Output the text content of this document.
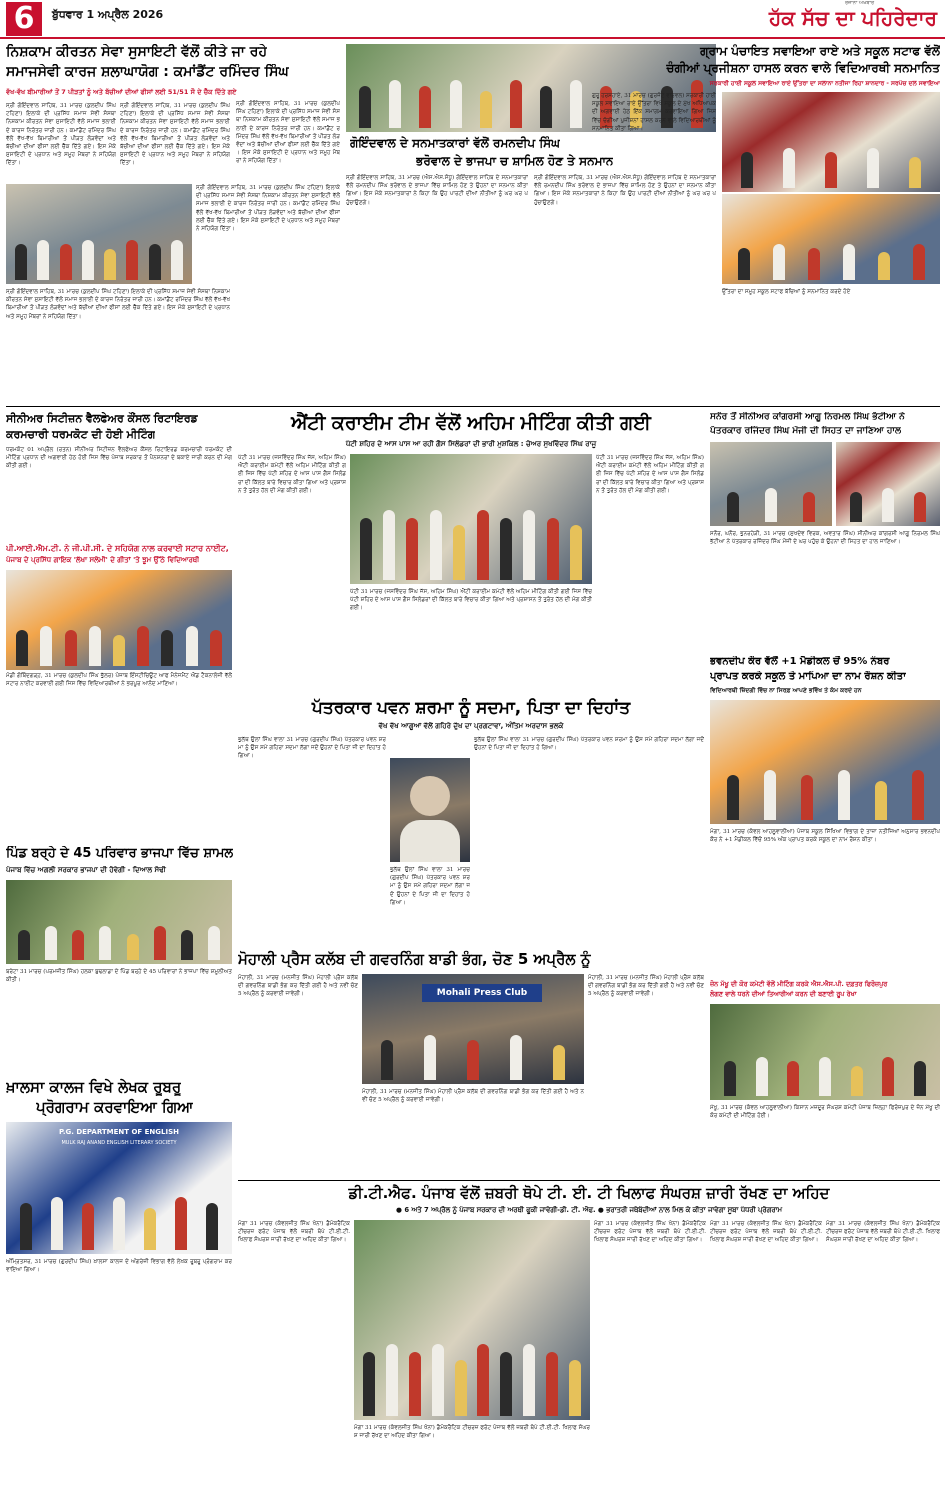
6	ਬੁੱਧਵਾਰ 1 ਅਪ੍ਰੈਲ 2026
ਰੋਜ਼ਾਨਾ ਅਖ਼ਬਾਰ
ਹੱਕ ਸੱਚ ਦਾ ਪਹਿਰੇਦਾਰ
ਨਿਸ਼ਕਾਮ ਕੀਰਤਨ ਸੇਵਾ ਸੁਸਾਇਟੀ ਵੱਲੋਂ ਕੀਤੇ ਜਾ ਰਹੇ
ਸਮਾਜਸੇਵੀ ਕਾਰਜ ਸ਼ਲਾਘਾਯੋਗ : ਕਮਾਂਡੈਂਟ ਰਮਿੰਦਰ ਸਿੰਘ
ਵੱਖ-ਵੱਖ ਬੀਮਾਰੀਆਂ ਤੋਂ 7 ਪੀੜਤਾਂ ਨੂੰ ਅਤੇ ਬੱਚੀਆਂ ਦੀਆਂ ਫੀਸਾਂ ਲਈ 51/51 ਸੌ ਦੇ ਚੈੱਕ ਦਿੱਤੇ ਗਏ
ਸ੍ਰੀ ਗੋਇੰਦਵਾਲ ਸਾਹਿਬ, 31 ਮਾਰਚ (ਕੁਲਦੀਪ ਸਿੰਘ ਟਹਿਣਾ) ਇਲਾਕੇ ਦੀ ਪ੍ਰਸਿੱਧ ਸਮਾਜ ਸੇਵੀ ਸੰਸਥਾ ਨਿਸ਼ਕਾਮ ਕੀਰਤਨ ਸੇਵਾ ਸੁਸਾਇਟੀ ਵੱਲੋਂ ਸਮਾਜ ਭਲਾਈ ਦੇ ਕਾਰਜ ਨਿਰੰਤਰ ਜਾਰੀ ਹਨ। ਕਮਾਂਡੈਂਟ ਰਮਿੰਦਰ ਸਿੰਘ ਵੱਲੋਂ ਵੱਖ-ਵੱਖ ਬਿਮਾਰੀਆਂ ਤੋਂ ਪੀੜਤ ਲੋੜਵੰਦਾਂ ਅਤੇ ਬੱਚੀਆਂ ਦੀਆਂ ਫੀਸਾਂ ਲਈ ਚੈੱਕ ਦਿੱਤੇ ਗਏ। ਇਸ ਮੌਕੇ ਸੁਸਾਇਟੀ ਦੇ ਪ੍ਰਧਾਨ ਅਤੇ ਸਮੂਹ ਮੈਂਬਰਾਂ ਨੇ ਸਹਿਯੋਗ ਦਿੱਤਾ।
ਸ੍ਰੀ ਗੋਇੰਦਵਾਲ ਸਾਹਿਬ, 31 ਮਾਰਚ (ਕੁਲਦੀਪ ਸਿੰਘ ਟਹਿਣਾ) ਇਲਾਕੇ ਦੀ ਪ੍ਰਸਿੱਧ ਸਮਾਜ ਸੇਵੀ ਸੰਸਥਾ ਨਿਸ਼ਕਾਮ ਕੀਰਤਨ ਸੇਵਾ ਸੁਸਾਇਟੀ ਵੱਲੋਂ ਸਮਾਜ ਭਲਾਈ ਦੇ ਕਾਰਜ ਨਿਰੰਤਰ ਜਾਰੀ ਹਨ। ਕਮਾਂਡੈਂਟ ਰਮਿੰਦਰ ਸਿੰਘ ਵੱਲੋਂ ਵੱਖ-ਵੱਖ ਬਿਮਾਰੀਆਂ ਤੋਂ ਪੀੜਤ ਲੋੜਵੰਦਾਂ ਅਤੇ ਬੱਚੀਆਂ ਦੀਆਂ ਫੀਸਾਂ ਲਈ ਚੈੱਕ ਦਿੱਤੇ ਗਏ। ਇਸ ਮੌਕੇ ਸੁਸਾਇਟੀ ਦੇ ਪ੍ਰਧਾਨ ਅਤੇ ਸਮੂਹ ਮੈਂਬਰਾਂ ਨੇ ਸਹਿਯੋਗ ਦਿੱਤਾ।
ਸ੍ਰੀ ਗੋਇੰਦਵਾਲ ਸਾਹਿਬ, 31 ਮਾਰਚ (ਕੁਲਦੀਪ ਸਿੰਘ ਟਹਿਣਾ) ਇਲਾਕੇ ਦੀ ਪ੍ਰਸਿੱਧ ਸਮਾਜ ਸੇਵੀ ਸੰਸਥਾ ਨਿਸ਼ਕਾਮ ਕੀਰਤਨ ਸੇਵਾ ਸੁਸਾਇਟੀ ਵੱਲੋਂ ਸਮਾਜ ਭਲਾਈ ਦੇ ਕਾਰਜ ਨਿਰੰਤਰ ਜਾਰੀ ਹਨ। ਕਮਾਂਡੈਂਟ ਰਮਿੰਦਰ ਸਿੰਘ ਵੱਲੋਂ ਵੱਖ-ਵੱਖ ਬਿਮਾਰੀਆਂ ਤੋਂ ਪੀੜਤ ਲੋੜਵੰਦਾਂ ਅਤੇ ਬੱਚੀਆਂ ਦੀਆਂ ਫੀਸਾਂ ਲਈ ਚੈੱਕ ਦਿੱਤੇ ਗਏ। ਇਸ ਮੌਕੇ ਸੁਸਾਇਟੀ ਦੇ ਪ੍ਰਧਾਨ ਅਤੇ ਸਮੂਹ ਮੈਂਬਰਾਂ ਨੇ ਸਹਿਯੋਗ ਦਿੱਤਾ।
ਸ੍ਰੀ ਗੋਇੰਦਵਾਲ ਸਾਹਿਬ, 31 ਮਾਰਚ (ਕੁਲਦੀਪ ਸਿੰਘ ਟਹਿਣਾ) ਇਲਾਕੇ ਦੀ ਪ੍ਰਸਿੱਧ ਸਮਾਜ ਸੇਵੀ ਸੰਸਥਾ ਨਿਸ਼ਕਾਮ ਕੀਰਤਨ ਸੇਵਾ ਸੁਸਾਇਟੀ ਵੱਲੋਂ ਸਮਾਜ ਭਲਾਈ ਦੇ ਕਾਰਜ ਨਿਰੰਤਰ ਜਾਰੀ ਹਨ। ਕਮਾਂਡੈਂਟ ਰਮਿੰਦਰ ਸਿੰਘ ਵੱਲੋਂ ਵੱਖ-ਵੱਖ ਬਿਮਾਰੀਆਂ ਤੋਂ ਪੀੜਤ ਲੋੜਵੰਦਾਂ ਅਤੇ ਬੱਚੀਆਂ ਦੀਆਂ ਫੀਸਾਂ ਲਈ ਚੈੱਕ ਦਿੱਤੇ ਗਏ। ਇਸ ਮੌਕੇ ਸੁਸਾਇਟੀ ਦੇ ਪ੍ਰਧਾਨ ਅਤੇ ਸਮੂਹ ਮੈਂਬਰਾਂ ਨੇ ਸਹਿਯੋਗ ਦਿੱਤਾ।
ਸ੍ਰੀ ਗੋਇੰਦਵਾਲ ਸਾਹਿਬ, 31 ਮਾਰਚ (ਕੁਲਦੀਪ ਸਿੰਘ ਟਹਿਣਾ) ਇਲਾਕੇ ਦੀ ਪ੍ਰਸਿੱਧ ਸਮਾਜ ਸੇਵੀ ਸੰਸਥਾ ਨਿਸ਼ਕਾਮ ਕੀਰਤਨ ਸੇਵਾ ਸੁਸਾਇਟੀ ਵੱਲੋਂ ਸਮਾਜ ਭਲਾਈ ਦੇ ਕਾਰਜ ਨਿਰੰਤਰ ਜਾਰੀ ਹਨ। ਕਮਾਂਡੈਂਟ ਰਮਿੰਦਰ ਸਿੰਘ ਵੱਲੋਂ ਵੱਖ-ਵੱਖ ਬਿਮਾਰੀਆਂ ਤੋਂ ਪੀੜਤ ਲੋੜਵੰਦਾਂ ਅਤੇ ਬੱਚੀਆਂ ਦੀਆਂ ਫੀਸਾਂ ਲਈ ਚੈੱਕ ਦਿੱਤੇ ਗਏ। ਇਸ ਮੌਕੇ ਸੁਸਾਇਟੀ ਦੇ ਪ੍ਰਧਾਨ ਅਤੇ ਸਮੂਹ ਮੈਂਬਰਾਂ ਨੇ ਸਹਿਯੋਗ ਦਿੱਤਾ।
ਗੋਇੰਦਵਾਲ ਦੇ ਸਨਮਾਤਕਾਰਾਂ ਵੱਲੋਂ ਰਮਨਦੀਪ ਸਿੰਘ
ਭਰੋਵਾਲ ਦੇ ਭਾਜਪਾ ਚ ਸ਼ਾਮਿਲ ਹੋਣ ਤੇ ਸਨਮਾਨ
ਸ੍ਰੀ ਗੋਇੰਦਵਾਲ ਸਾਹਿਬ, 31 ਮਾਰਚ (ਐਸ.ਐਸ.ਸੰਧੂ) ਗੋਇੰਦਵਾਲ ਸਾਹਿਬ ਦੇ ਸਨਮਾਤਕਾਰਾਂ ਵੱਲੋਂ ਰਮਨਦੀਪ ਸਿੰਘ ਭਰੋਵਾਲ ਦੇ ਭਾਜਪਾ ਵਿੱਚ ਸ਼ਾਮਿਲ ਹੋਣ ਤੇ ਉਹਨਾਂ ਦਾ ਸਨਮਾਨ ਕੀਤਾ ਗਿਆ। ਇਸ ਮੌਕੇ ਸਨਮਾਤਕਾਰਾਂ ਨੇ ਕਿਹਾ ਕਿ ਉਹ ਪਾਰਟੀ ਦੀਆਂ ਨੀਤੀਆਂ ਨੂੰ ਘਰ ਘਰ ਪਹੁੰਚਾਉਣਗੇ।
ਸ੍ਰੀ ਗੋਇੰਦਵਾਲ ਸਾਹਿਬ, 31 ਮਾਰਚ (ਐਸ.ਐਸ.ਸੰਧੂ) ਗੋਇੰਦਵਾਲ ਸਾਹਿਬ ਦੇ ਸਨਮਾਤਕਾਰਾਂ ਵੱਲੋਂ ਰਮਨਦੀਪ ਸਿੰਘ ਭਰੋਵਾਲ ਦੇ ਭਾਜਪਾ ਵਿੱਚ ਸ਼ਾਮਿਲ ਹੋਣ ਤੇ ਉਹਨਾਂ ਦਾ ਸਨਮਾਨ ਕੀਤਾ ਗਿਆ। ਇਸ ਮੌਕੇ ਸਨਮਾਤਕਾਰਾਂ ਨੇ ਕਿਹਾ ਕਿ ਉਹ ਪਾਰਟੀ ਦੀਆਂ ਨੀਤੀਆਂ ਨੂੰ ਘਰ ਘਰ ਪਹੁੰਚਾਉਣਗੇ।
ਗ੍ਰਾਮ ਪੰਚਾਇਤ ਸਵਾਇਆ ਰਾਏ ਅਤੇ ਸਕੂਲ ਸਟਾਫ ਵੱਲੋਂ
ਚੰਗੀਆਂ ਪ੍ਰਜੀਸ਼ਨਾ ਹਾਸਲ ਕਰਨ ਵਾਲੇ ਵਿਦਿਆਰਥੀ ਸਨਮਾਨਿਤ
ਸਰਕਾਰੀ ਹਾਈ ਸਕੂਲ ਸਵਾਇਆ ਰਾਏ ਉੱਤਰਾ ਦਾ ਸਲਾਨਾ ਨਤੀਜਾ ਰਿਹਾ ਸ਼ਾਨਦਾਰ - ਸਰਪੰਚ ਦਲ ਸਵਾਇਆ
ਉੱਤਰਾ ਦਾ ਸਮੂਹ ਸਕੂਲ ਸਟਾਫ ਬੱਚਿਆਂ ਨੂੰ ਸਨਮਾਨਿਤ ਕਰਦੇ ਹੋਏ
ਗੁਰੂ ਹਰਸਹਾਏ, 31 ਮਾਰਚ (ਗੁਰਜੰਟ ਵਾਰਵਲ) ਸਰਕਾਰੀ ਹਾਈ ਸਕੂਲ ਸਵਾਇਆ ਰਾਏ ਉੱਤਰਾ ਵਿਖੇ ਸਕੂਲ ਦੇ ਮੁੱਖ ਅਧਿਆਪਕ ਦੀ ਅਗਵਾਈ ਹੇਠ ਇੱਕ ਸਮਾਗਮ ਕਰਵਾਇਆ ਗਿਆ ਜਿਸ ਵਿੱਚ ਚੰਗੀਆਂ ਪੁਜੀਸ਼ਨਾਂ ਹਾਸਲ ਕਰਨ ਵਾਲੇ ਵਿਦਿਆਰਥੀਆਂ ਨੂੰ ਸਨਮਾਨਿਤ ਕੀਤਾ ਗਿਆ।
ਸੀਨੀਅਰ ਸਿਟੀਜ਼ਨ ਵੈਲਫੇਅਰ ਕੌਂਸਲ ਰਿਟਾਇਰਡ
ਕਰਮਚਾਰੀ ਧਰਮਕੋਟ ਦੀ ਹੋਈ ਮੀਟਿੰਗ
ਧਰਮਕੋਟ 01 ਅਪ੍ਰੈਲ (ਰਤਨ) ਸੀਨੀਅਰ ਸਿਟੀਜ਼ਨ ਵੈਲਫੇਅਰ ਕੌਂਸਲ ਰਿਟਾਇਰਡ ਕਰਮਚਾਰੀ ਧਰਮਕੋਟ ਦੀ ਮੀਟਿੰਗ ਪ੍ਰਧਾਨ ਦੀ ਅਗਵਾਈ ਹੇਠ ਹੋਈ ਜਿਸ ਵਿੱਚ ਪੰਜਾਬ ਸਰਕਾਰ ਤੋਂ ਪੈਨਸ਼ਨਰਾਂ ਦੇ ਬਕਾਏ ਜਾਰੀ ਕਰਨ ਦੀ ਮੰਗ ਕੀਤੀ ਗਈ।
ਪੀ.ਆਈ.ਐਮ.ਟੀ. ਨੇ ਜੀ.ਪੀ.ਸੀ. ਦੇ ਸਹਿਯੋਗ ਨਾਲ ਕਰਵਾਈ ਸਟਾਰ ਨਾਈਟ,
ਪੰਜਾਬ ਦੇ ਪ੍ਰਸਿੱਧ ਗਾਇਕ 'ਲੱਖਾ ਸਲੇਮੀ' ਦੇ ਗੀਤਾਂ 'ਤੇ ਝੂਮ ਉੱਠੇ ਵਿਦਿਆਰਥੀ
ਮੰਡੀ ਗੋਬਿੰਦਗੜ੍ਹ, 31 ਮਾਰਚ (ਕੁਲਦੀਪ ਸਿੰਘ ਭੁੱਲਰ) ਪੰਜਾਬ ਇੰਸਟੀਚਿਊਟ ਆਫ ਮੈਨੇਜਮੈਂਟ ਐਂਡ ਟੈਕਨਾਲੋਜੀ ਵੱਲੋਂ ਸਟਾਰ ਨਾਈਟ ਕਰਵਾਈ ਗਈ ਜਿਸ ਵਿੱਚ ਵਿਦਿਆਰਥੀਆਂ ਨੇ ਭਰਪੂਰ ਆਨੰਦ ਮਾਣਿਆ।
ਪਿੰਡ ਬਰ੍ਹੇ ਦੇ 45 ਪਰਿਵਾਰ ਭਾਜਪਾ ਵਿੱਚ ਸ਼ਾਮਲ
ਪੰਜਾਬ ਵਿੱਚ ਅਗਲੀ ਸਰਕਾਰ ਭਾਜਪਾ ਦੀ ਹੋਵੇਗੀ - ਦਿਆਲ ਸੋਢੀ
ਬਰੇਟਾ 31 ਮਾਰਚ (ਪਰਮਜੀਤ ਸਿੰਘ) ਹਲਕਾ ਬੁਢਲਾਡਾ ਦੇ ਪਿੰਡ ਬਰ੍ਹੇ ਦੇ 45 ਪਰਿਵਾਰਾਂ ਨੇ ਭਾਜਪਾ ਵਿੱਚ ਸ਼ਮੂਲੀਅਤ ਕੀਤੀ।
ਖ਼ਾਲਸਾ ਕਾਲਜ ਵਿਖੇ ਲੇਖਕ ਰੂਬਰੂ
ਪ੍ਰੋਗਰਾਮ ਕਰਵਾਇਆ ਗਿਆ
P.G. DEPARTMENT OF ENGLISH
MULK RAJ ANAND ENGLISH LITERARY SOCIETY
ਅੰਮ੍ਰਿਤਸਰ, 31 ਮਾਰਚ (ਗੁਰਦੀਪ ਸਿੰਘ) ਖ਼ਾਲਸਾ ਕਾਲਜ ਦੇ ਅੰਗਰੇਜ਼ੀ ਵਿਭਾਗ ਵੱਲੋਂ ਲੇਖਕ ਰੂਬਰੂ ਪ੍ਰੋਗਰਾਮ ਕਰਵਾਇਆ ਗਿਆ।
ਐਂਟੀ ਕਰਾਈਮ ਟੀਮ ਵੱਲੋਂ ਅਹਿਮ ਮੀਟਿੰਗ ਕੀਤੀ ਗਈ
ਪੱਟੀ ਸ਼ਹਿਰ ਦੇ ਆਸ ਪਾਸ ਆ ਰਹੀ ਗੈਸ ਸਿਲੰਡਰਾਂ ਦੀ ਭਾਰੀ ਮੁਸ਼ਕਿਲ : ਚੇਅਰ ਸੁਖਵਿੰਦਰ ਸਿੰਘ ਰਾਜੂ
ਪੱਟੀ 31 ਮਾਰਚ (ਜਸਵਿੰਦਰ ਸਿੰਘ ਜੱਸ, ਅਹਿਮ ਸਿੰਘ) ਐਂਟੀ ਕਰਾਈਮ ਕਮੇਟੀ ਵੱਲੋਂ ਅਹਿਮ ਮੀਟਿੰਗ ਕੀਤੀ ਗਈ ਜਿਸ ਵਿੱਚ ਪੱਟੀ ਸ਼ਹਿਰ ਦੇ ਆਸ ਪਾਸ ਗੈਸ ਸਿਲੰਡਰਾਂ ਦੀ ਕਿੱਲਤ ਬਾਰੇ ਵਿਚਾਰ ਕੀਤਾ ਗਿਆ ਅਤੇ ਪ੍ਰਸ਼ਾਸਨ ਤੋਂ ਤੁਰੰਤ ਹੱਲ ਦੀ ਮੰਗ ਕੀਤੀ ਗਈ।
ਪੱਟੀ 31 ਮਾਰਚ (ਜਸਵਿੰਦਰ ਸਿੰਘ ਜੱਸ, ਅਹਿਮ ਸਿੰਘ) ਐਂਟੀ ਕਰਾਈਮ ਕਮੇਟੀ ਵੱਲੋਂ ਅਹਿਮ ਮੀਟਿੰਗ ਕੀਤੀ ਗਈ ਜਿਸ ਵਿੱਚ ਪੱਟੀ ਸ਼ਹਿਰ ਦੇ ਆਸ ਪਾਸ ਗੈਸ ਸਿਲੰਡਰਾਂ ਦੀ ਕਿੱਲਤ ਬਾਰੇ ਵਿਚਾਰ ਕੀਤਾ ਗਿਆ ਅਤੇ ਪ੍ਰਸ਼ਾਸਨ ਤੋਂ ਤੁਰੰਤ ਹੱਲ ਦੀ ਮੰਗ ਕੀਤੀ ਗਈ।
ਪੱਟੀ 31 ਮਾਰਚ (ਜਸਵਿੰਦਰ ਸਿੰਘ ਜੱਸ, ਅਹਿਮ ਸਿੰਘ) ਐਂਟੀ ਕਰਾਈਮ ਕਮੇਟੀ ਵੱਲੋਂ ਅਹਿਮ ਮੀਟਿੰਗ ਕੀਤੀ ਗਈ ਜਿਸ ਵਿੱਚ ਪੱਟੀ ਸ਼ਹਿਰ ਦੇ ਆਸ ਪਾਸ ਗੈਸ ਸਿਲੰਡਰਾਂ ਦੀ ਕਿੱਲਤ ਬਾਰੇ ਵਿਚਾਰ ਕੀਤਾ ਗਿਆ ਅਤੇ ਪ੍ਰਸ਼ਾਸਨ ਤੋਂ ਤੁਰੰਤ ਹੱਲ ਦੀ ਮੰਗ ਕੀਤੀ ਗਈ।
ਪੱਤਰਕਾਰ ਪਵਨ ਸ਼ਰਮਾ ਨੂੰ ਸਦਮਾ, ਪਿਤਾ ਦਾ ਦਿਹਾਂਤ
ਵੱਖ ਵੱਖ ਆਗੂਆਂ ਵੱਲੋਂ ਗਹਿਰੇ ਦੁੱਖ ਦਾ ਪ੍ਰਗਟਾਵਾ, ਅੰਤਿਮ ਅਰਦਾਸ ਭਲਕੇ
ਭੁਲੱਥ ਉਲਾਂ ਸਿੰਘ ਵਾਲਾ 31 ਮਾਰਚ (ਗੁਰਦੀਪ ਸਿੰਘ) ਪੱਤਰਕਾਰ ਪਵਨ ਸ਼ਰਮਾ ਨੂੰ ਉਸ ਸਮੇਂ ਗਹਿਰਾ ਸਦਮਾ ਲੱਗਾ ਜਦੋਂ ਉਹਨਾਂ ਦੇ ਪਿਤਾ ਜੀ ਦਾ ਦਿਹਾਂਤ ਹੋ ਗਿਆ।
ਭੁਲੱਥ ਉਲਾਂ ਸਿੰਘ ਵਾਲਾ 31 ਮਾਰਚ (ਗੁਰਦੀਪ ਸਿੰਘ) ਪੱਤਰਕਾਰ ਪਵਨ ਸ਼ਰਮਾ ਨੂੰ ਉਸ ਸਮੇਂ ਗਹਿਰਾ ਸਦਮਾ ਲੱਗਾ ਜਦੋਂ ਉਹਨਾਂ ਦੇ ਪਿਤਾ ਜੀ ਦਾ ਦਿਹਾਂਤ ਹੋ ਗਿਆ।
ਭੁਲੱਥ ਉਲਾਂ ਸਿੰਘ ਵਾਲਾ 31 ਮਾਰਚ (ਗੁਰਦੀਪ ਸਿੰਘ) ਪੱਤਰਕਾਰ ਪਵਨ ਸ਼ਰਮਾ ਨੂੰ ਉਸ ਸਮੇਂ ਗਹਿਰਾ ਸਦਮਾ ਲੱਗਾ ਜਦੋਂ ਉਹਨਾਂ ਦੇ ਪਿਤਾ ਜੀ ਦਾ ਦਿਹਾਂਤ ਹੋ ਗਿਆ।
ਮੋਹਾਲੀ ਪ੍ਰੈਸ ਕਲੱਬ ਦੀ ਗਵਰਨਿੰਗ ਬਾਡੀ ਭੰਗ, ਚੋਣ 5 ਅਪ੍ਰੈਲ ਨੂੰ
ਮੋਹਾਲੀ, 31 ਮਾਰਚ (ਮਨਜੀਤ ਸਿੰਘ) ਮੋਹਾਲੀ ਪ੍ਰੈਸ ਕਲੱਬ ਦੀ ਗਵਰਨਿੰਗ ਬਾਡੀ ਭੰਗ ਕਰ ਦਿੱਤੀ ਗਈ ਹੈ ਅਤੇ ਨਵੀਂ ਚੋਣ 5 ਅਪ੍ਰੈਲ ਨੂੰ ਕਰਵਾਈ ਜਾਵੇਗੀ।	Mohali Press Club
ਮੋਹਾਲੀ, 31 ਮਾਰਚ (ਮਨਜੀਤ ਸਿੰਘ) ਮੋਹਾਲੀ ਪ੍ਰੈਸ ਕਲੱਬ ਦੀ ਗਵਰਨਿੰਗ ਬਾਡੀ ਭੰਗ ਕਰ ਦਿੱਤੀ ਗਈ ਹੈ ਅਤੇ ਨਵੀਂ ਚੋਣ 5 ਅਪ੍ਰੈਲ ਨੂੰ ਕਰਵਾਈ ਜਾਵੇਗੀ।
ਮੋਹਾਲੀ, 31 ਮਾਰਚ (ਮਨਜੀਤ ਸਿੰਘ) ਮੋਹਾਲੀ ਪ੍ਰੈਸ ਕਲੱਬ ਦੀ ਗਵਰਨਿੰਗ ਬਾਡੀ ਭੰਗ ਕਰ ਦਿੱਤੀ ਗਈ ਹੈ ਅਤੇ ਨਵੀਂ ਚੋਣ 5 ਅਪ੍ਰੈਲ ਨੂੰ ਕਰਵਾਈ ਜਾਵੇਗੀ।
ਸਨੌਰ ਤੋਂ ਸੀਨੀਅਰ ਕਾਂਗਰਸੀ ਆਗੂ ਨਿਰਮਲ ਸਿੰਘ ਭੱਟੀਆ ਨੇ
ਪੱਤਰਕਾਰ ਰਜਿੰਦਰ ਸਿੰਘ ਮੌਜੀ ਦੀ ਸਿਹਤ ਦਾ ਜਾਣਿਆ ਹਾਲ
ਸਨੌਰ, ਘਨੌਰ, ਭੁਨਰਹੇੜੀ, 31 ਮਾਰਚ (ਸੁਖਦੇਵ ਵਿਰਕ, ਅਵਤਾਰ ਸਿੰਘ) ਸੀਨੀਅਰ ਕਾਂਗਰਸੀ ਆਗੂ ਨਿਰਮਲ ਸਿੰਘ ਭੱਟੀਆ ਨੇ ਪੱਤਰਕਾਰ ਰਜਿੰਦਰ ਸਿੰਘ ਮੌਜੀ ਦੇ ਘਰ ਪਹੁੰਚ ਕੇ ਉਹਨਾਂ ਦੀ ਸਿਹਤ ਦਾ ਹਾਲ ਜਾਣਿਆ।
ਭਵਨਦੀਪ ਕੌਰ ਵੱਲੋਂ +1 ਮੈਡੀਕਲ ਚੋਂ 95% ਨੰਬਰ
ਪ੍ਰਾਪਤ ਕਰਕੇ ਸਕੂਲ ਤੇ ਮਾਪਿਆ ਦਾ ਨਾਮ ਰੌਸ਼ਨ ਕੀਤਾ
ਵਿਦਿਆਰਥੀ ਜ਼ਿੰਦਗੀ ਵਿੱਚ ਨਾ ਸਿਰਫ਼ ਆਪਣੇ ਭਵਿੱਖ ਤੇ ਕੰਮ ਕਰਦੇ ਹਨ
ਮੋਗਾ, 31 ਮਾਰਚ (ਕੰਵਲ ਆਹਲੂਵਾਲੀਆ) ਪੰਜਾਬ ਸਕੂਲ ਸਿੱਖਿਆ ਵਿਭਾਗ ਦੇ ਤਾਜ਼ਾ ਨਤੀਜਿਆਂ ਅਨੁਸਾਰ ਭਵਨਦੀਪ ਕੌਰ ਨੇ +1 ਮੈਡੀਕਲ ਵਿੱਚੋਂ 95% ਅੰਕ ਪ੍ਰਾਪਤ ਕਰਕੇ ਸਕੂਲ ਦਾ ਨਾਮ ਰੌਸ਼ਨ ਕੀਤਾ।
ਜ਼ੋਨ ਮੱਖੂ ਦੀ ਕੋਰ ਕਮੇਟੀ ਵੱਲੋਂ ਮੀਟਿੰਗ ਕਰਕੇ ਐਸ.ਐਸ.ਪੀ. ਦਫ਼ਤਰ ਫਿਰੋਜ਼ਪੁਰ
ਲੋਗਣ ਵਾਲੇ ਧਰਨੇ ਦੀਆਂ ਤਿਆਰੀਆਂ ਕਰਨ ਦੀ ਬਣਾਈ ਰੂਪ ਰੇਖਾ
ਮੱਖੂ, 31 ਮਾਰਚ (ਕੰਵਲ ਆਹਲੂਵਾਲੀਆ) ਕਿਸਾਨ ਮਜ਼ਦੂਰ ਸੰਘਰਸ਼ ਕਮੇਟੀ ਪੰਜਾਬ ਜ਼ਿਲ੍ਹਾ ਫਿਰੋਜ਼ਪੁਰ ਦੇ ਜ਼ੋਨ ਮੱਖੂ ਦੀ ਕੋਰ ਕਮੇਟੀ ਦੀ ਮੀਟਿੰਗ ਹੋਈ।
ਡੀ.ਟੀ.ਐਫ. ਪੰਜਾਬ ਵੱਲੋਂ ਜ਼ਬਰੀ ਥੋਪੇ ਟੀ. ਈ. ਟੀ ਖਿਲਾਫ ਸੰਘਰਸ਼ ਜ਼ਾਰੀ ਰੱਖਣ ਦਾ ਅਹਿਦ
● 6 ਅਤੇ 7 ਅਪ੍ਰੈਲ ਨੂੰ ਪੰਜਾਬ ਸਰਕਾਰ ਦੀ ਅਰਥੀ ਫੂਕੀ ਜਾਵੇਗੀ-ਡੀ. ਟੀ. ਐਫ. ● ਭਰਾਤਰੀ ਜਥੇਬੰਦੀਆਂ ਨਾਲ ਮਿਲ ਕੇ ਕੀਤਾ ਜਾਵੇਗਾ ਸੂਬਾ ਪੱਧਰੀ ਪ੍ਰੋਗਰਾਮ
ਮੋਗਾ 31 ਮਾਰਚ (ਕੰਵਲਜੀਤ ਸਿੰਘ ਖੰਨਾ) ਡੈਮੋਕਰੈਟਿਕ ਟੀਚਰਜ਼ ਫਰੰਟ ਪੰਜਾਬ ਵੱਲੋਂ ਜ਼ਬਰੀ ਥੋਪੇ ਟੀ.ਈ.ਟੀ. ਖਿਲਾਫ ਸੰਘਰਸ਼ ਜਾਰੀ ਰੱਖਣ ਦਾ ਅਹਿਦ ਕੀਤਾ ਗਿਆ।
ਮੋਗਾ 31 ਮਾਰਚ (ਕੰਵਲਜੀਤ ਸਿੰਘ ਖੰਨਾ) ਡੈਮੋਕਰੈਟਿਕ ਟੀਚਰਜ਼ ਫਰੰਟ ਪੰਜਾਬ ਵੱਲੋਂ ਜ਼ਬਰੀ ਥੋਪੇ ਟੀ.ਈ.ਟੀ. ਖਿਲਾਫ ਸੰਘਰਸ਼ ਜਾਰੀ ਰੱਖਣ ਦਾ ਅਹਿਦ ਕੀਤਾ ਗਿਆ।
ਮੋਗਾ 31 ਮਾਰਚ (ਕੰਵਲਜੀਤ ਸਿੰਘ ਖੰਨਾ) ਡੈਮੋਕਰੈਟਿਕ ਟੀਚਰਜ਼ ਫਰੰਟ ਪੰਜਾਬ ਵੱਲੋਂ ਜ਼ਬਰੀ ਥੋਪੇ ਟੀ.ਈ.ਟੀ. ਖਿਲਾਫ ਸੰਘਰਸ਼ ਜਾਰੀ ਰੱਖਣ ਦਾ ਅਹਿਦ ਕੀਤਾ ਗਿਆ।
ਮੋਗਾ 31 ਮਾਰਚ (ਕੰਵਲਜੀਤ ਸਿੰਘ ਖੰਨਾ) ਡੈਮੋਕਰੈਟਿਕ ਟੀਚਰਜ਼ ਫਰੰਟ ਪੰਜਾਬ ਵੱਲੋਂ ਜ਼ਬਰੀ ਥੋਪੇ ਟੀ.ਈ.ਟੀ. ਖਿਲਾਫ ਸੰਘਰਸ਼ ਜਾਰੀ ਰੱਖਣ ਦਾ ਅਹਿਦ ਕੀਤਾ ਗਿਆ।
ਮੋਗਾ 31 ਮਾਰਚ (ਕੰਵਲਜੀਤ ਸਿੰਘ ਖੰਨਾ) ਡੈਮੋਕਰੈਟਿਕ ਟੀਚਰਜ਼ ਫਰੰਟ ਪੰਜਾਬ ਵੱਲੋਂ ਜ਼ਬਰੀ ਥੋਪੇ ਟੀ.ਈ.ਟੀ. ਖਿਲਾਫ ਸੰਘਰਸ਼ ਜਾਰੀ ਰੱਖਣ ਦਾ ਅਹਿਦ ਕੀਤਾ ਗਿਆ।
